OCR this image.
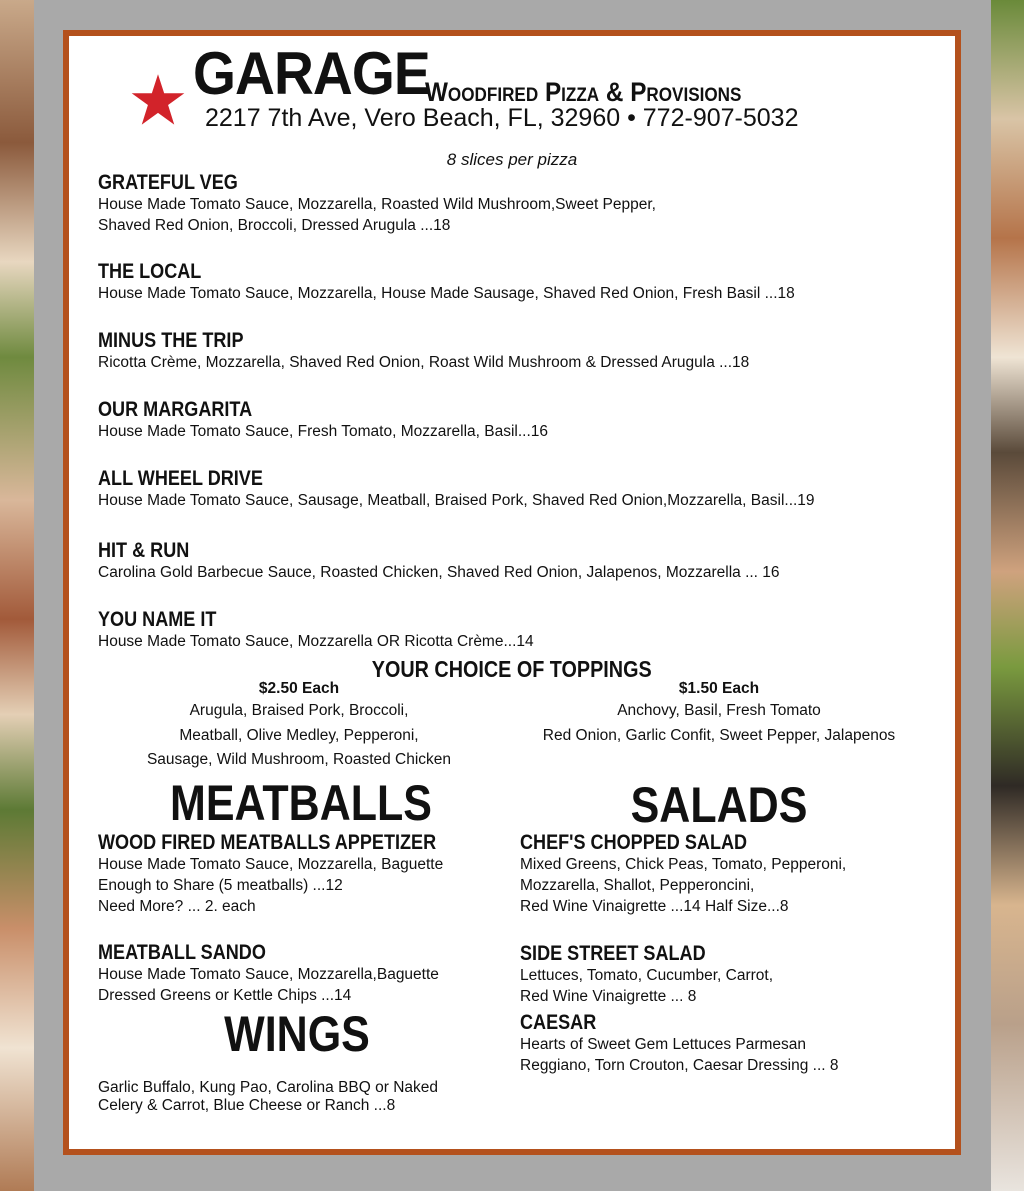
GARAGE
Woodfired Pizza & Provisions
2217 7th Ave, Vero Beach, FL, 32960 • 772-907-5032
8 slices per pizza
GRATEFUL VEG
House Made Tomato Sauce, Mozzarella, Roasted Wild Mushroom,Sweet Pepper,
Shaved Red Onion, Broccoli, Dressed Arugula ...18
THE LOCAL
House Made Tomato Sauce, Mozzarella, House Made Sausage, Shaved Red Onion, Fresh Basil ...18
MINUS THE TRIP
Ricotta Crème, Mozzarella, Shaved Red Onion, Roast Wild Mushroom & Dressed Arugula ...18
OUR MARGARITA
House Made Tomato Sauce, Fresh Tomato, Mozzarella, Basil...16
ALL WHEEL DRIVE
House Made Tomato Sauce, Sausage, Meatball, Braised Pork, Shaved Red Onion,Mozzarella, Basil...19
HIT & RUN
Carolina Gold Barbecue Sauce, Roasted Chicken, Shaved Red Onion, Jalapenos, Mozzarella ... 16
YOU NAME IT
House Made Tomato Sauce, Mozzarella OR Ricotta Crème...14
YOUR CHOICE OF TOPPINGS
$2.50 Each
Arugula, Braised Pork, Broccoli,
Meatball, Olive Medley, Pepperoni,
Sausage, Wild Mushroom, Roasted Chicken
$1.50 Each
Anchovy, Basil, Fresh Tomato
Red Onion, Garlic Confit, Sweet Pepper, Jalapenos
MEATBALLS
WOOD FIRED MEATBALLS APPETIZER
House Made Tomato Sauce, Mozzarella, Baguette
Enough to Share (5 meatballs) ...12
Need More? ... 2. each
MEATBALL SANDO
House Made Tomato Sauce, Mozzarella,Baguette
Dressed Greens or Kettle Chips ...14
WINGS
Garlic Buffalo, Kung Pao, Carolina BBQ or Naked
Celery & Carrot, Blue Cheese or Ranch ...8
SALADS
CHEF'S CHOPPED SALAD
Mixed Greens, Chick Peas, Tomato, Pepperoni,
Mozzarella, Shallot, Pepperoncini,
Red Wine Vinaigrette ...14 Half Size...8
SIDE STREET SALAD
Lettuces, Tomato, Cucumber, Carrot,
Red Wine Vinaigrette ... 8
CAESAR
Hearts of Sweet Gem Lettuces Parmesan
Reggiano, Torn Crouton, Caesar Dressing ... 8
